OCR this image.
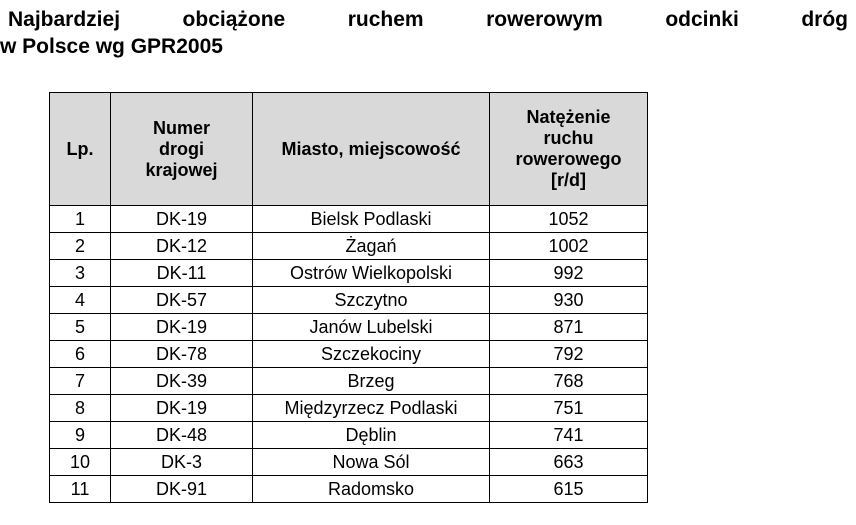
Najbardziej obciążone ruchem rowerowym odcinki dróg
w Polsce wg GPR2005
Lp.	Numer
drogi
krajowej	Miasto, miejscowość	Natężenie
ruchu
rowerowego
[r/d]
1	DK-19	Bielsk Podlaski	1052
2	DK-12	Żagań	1002
3	DK-11	Ostrów Wielkopolski	992
4	DK-57	Szczytno	930
5	DK-19	Janów Lubelski	871
6	DK-78	Szczekociny	792
7	DK-39	Brzeg	768
8	DK-19	Międzyrzecz Podlaski	751
9	DK-48	Dęblin	741
10	DK-3	Nowa Sól	663
11	DK-91	Radomsko	615
